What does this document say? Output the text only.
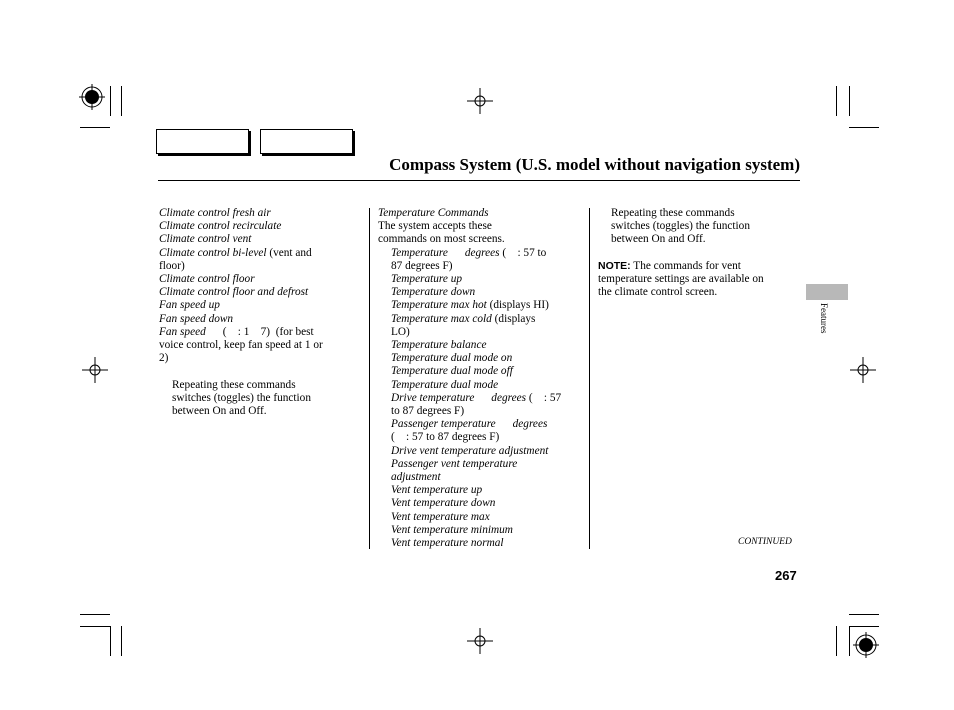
Compass System (U.S. model without navigation system)
Climate control fresh air
Climate control recirculate
Climate control vent
Climate control bi-level (vent and
floor)
Climate control floor
Climate control floor and defrost
Fan speed up
Fan speed down
Fan speed      (    : 1    7)  (for best
voice control, keep fan speed at 1 or
2)
Repeating these commands
switches (toggles) the function
between On and Off.
Temperature Commands
The system accepts these
commands on most screens.
Temperature degrees (    : 57 to
87 degrees F)
Temperature up
Temperature down
Temperature max hot (displays HI)
Temperature max cold (displays
LO)
Temperature balance
Temperature dual mode on
Temperature dual mode off
Temperature dual mode
Drive temperature degrees (    : 57
to 87 degrees F)
Passenger temperature degrees
(    : 57 to 87 degrees F)
Drive vent temperature adjustment
Passenger vent temperature
adjustment
Vent temperature up
Vent temperature down
Vent temperature max
Vent temperature minimum
Vent temperature normal
Repeating these commands
switches (toggles) the function
between On and Off.
NOTE: The commands for vent
temperature settings are available on
the climate control screen.
Features
CONTINUED
267
